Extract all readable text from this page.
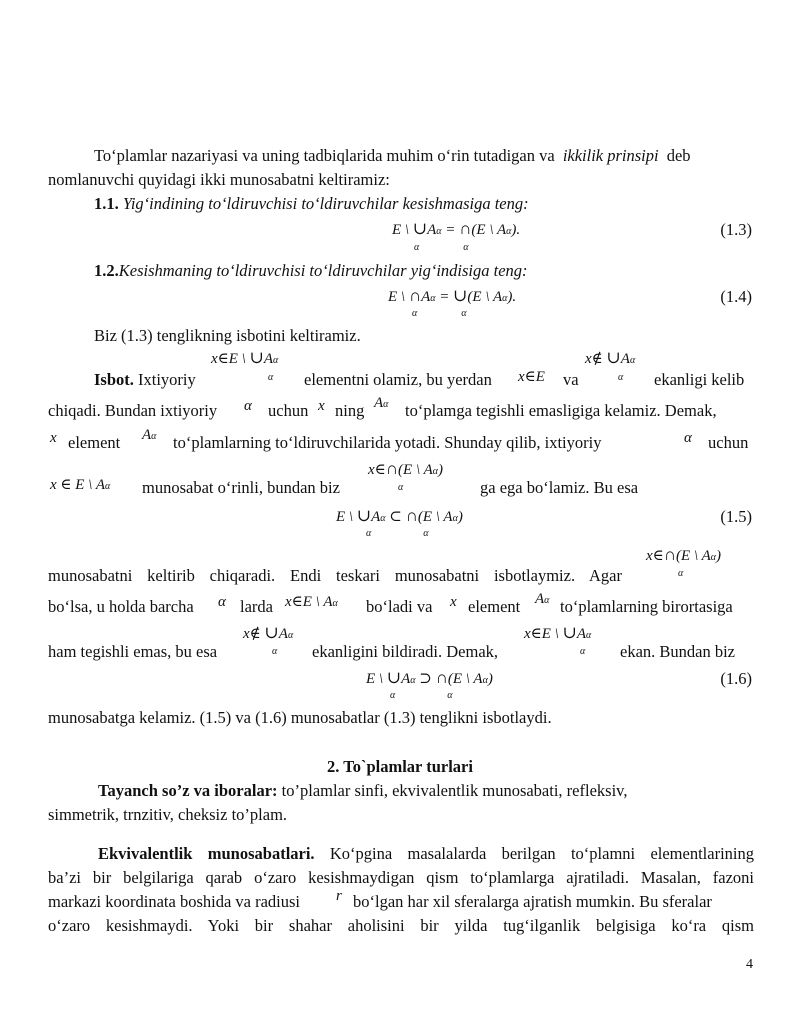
To‘plamlar nazariyasi va uning tadbiqlarida muhim o‘rin tutadigan va ikkilik prinsipi deb
nomlanuvchi quyidagi ikki munosabatni keltiramiz:
1.1. Yig‘indining to‘ldiruvchisi to‘ldiruvchilar kesishmasiga teng:
E \ ∪Aα = ∩(E \ Aα).
α	α
(1.3)
1.2.Kesishmaning to‘ldiruvchisi to‘ldiruvchilar yig‘indisiga teng:
E \ ∩Aα = ∪(E \ Aα).
α	α
(1.4)
Biz (1.3) tenglikning isbotini keltiramiz.
x∈E \ ∪Aα
α
x∉ ∪Aα
α
Isbot. Ixtiyoriy	elementni olamiz, bu yerdan x∈E va	ekanligi kelib
chiqadi. Bundan ixtiyoriy α uchun x ning Aα to‘plamga tegishli emasligiga kelamiz. Demak,
x element Aα to‘plamlarning to‘ldiruvchilarida yotadi. Shunday qilib, ixtiyoriy	α uchun
x∈∩(E \ Aα)
α
x ∈ E \ Aα munosabat o‘rinli, bundan biz	ga ega bo‘lamiz. Bu esa
E \ ∪Aα ⊂ ∩(E \ Aα)
α	α
(1.5)
x∈∩(E \ Aα)
α
munosabatni keltirib chiqaradi. Endi teskari munosabatni isbotlaymiz. Agar
bo‘lsa, u holda barcha α larda x∈E \ Aα bo‘ladi va x element Aα to‘plamlarning birortasiga
x∉ ∪Aα
α
x∈E \ ∪Aα
α
ham tegishli emas, bu esa	ekanligini bildiradi. Demak,	ekan. Bundan biz
E \ ∪Aα ⊃ ∩(E \ Aα)
α	α
(1.6)
munosabatga kelamiz. (1.5) va (1.6) munosabatlar (1.3) tenglikni isbotlaydi.
2. To`plamlar turlari
Tayanch so’z va iboralar: to’plamlar sinfi, ekvivalentlik munosabati, refleksiv,
simmetrik, trnzitiv, cheksiz to’plam.
Ekvivalentlik munosabatlari. Ko‘pgina masalalarda berilgan to‘plamni elementlarining
ba’zi bir belgilariga qarab o‘zaro kesishmaydigan qism to‘plamlarga ajratiladi. Masalan, fazoni
markazi koordinata boshida va radiusi r bo‘lgan har xil sferalarga ajratish mumkin. Bu sferalar
o‘zaro kesishmaydi. Yoki bir shahar aholisini bir yilda tug‘ilganlik belgisiga ko‘ra qism
4
